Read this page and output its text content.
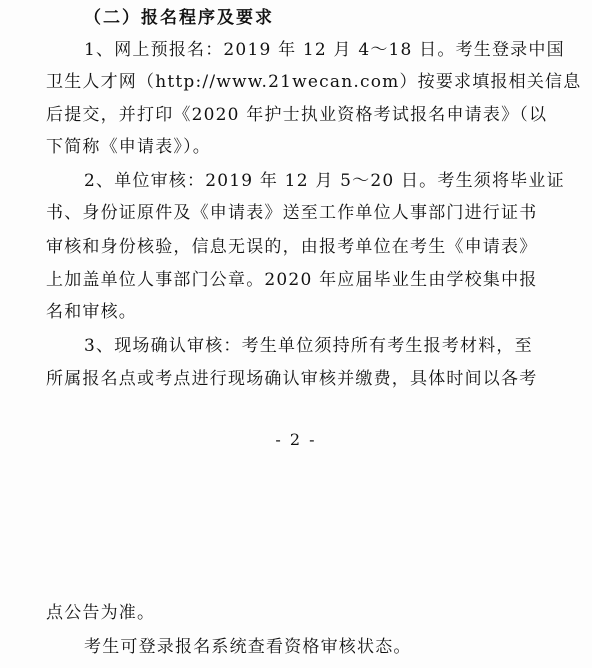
（二）报名程序及要求
1、网上预报名：2019 年 12 月 4～18 日。考生登录中国
卫生人才网（http://www.21wecan.com）按要求填报相关信息
后提交，并打印《2020 年护士执业资格考试报名申请表》（以
下简称《申请表》）。
2、单位审核：2019 年 12 月 5～20 日。考生须将毕业证
书、身份证原件及《申请表》送至工作单位人事部门进行证书
审核和身份核验，信息无误的，由报考单位在考生《申请表》
上加盖单位人事部门公章。2020 年应届毕业生由学校集中报
名和审核。
3、现场确认审核：考生单位须持所有考生报考材料，至
所属报名点或考点进行现场确认审核并缴费，具体时间以各考
- 2 -
点公告为准。
考生可登录报名系统查看资格审核状态。
